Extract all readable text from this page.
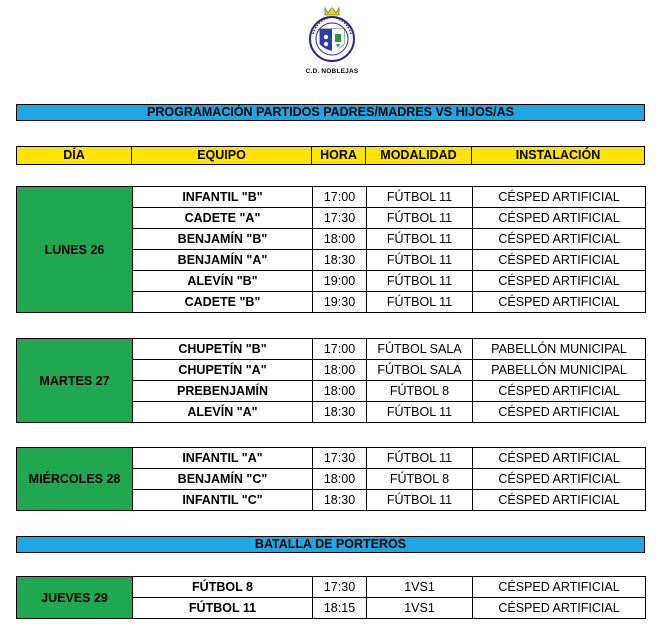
C.D. NOBLEJAS
PROGRAMACIÓN PARTIDOS PADRES/MADRES VS HIJOS/AS
DÍA	EQUIPO	HORA	MODALIDAD	INSTALACIÓN
LUNES 26	INFANTIL "B"	17:00	FÚTBOL 11	CÉSPED ARTIFICIAL
	CADETE "A"	17:30	FÚTBOL 11	CÉSPED ARTIFICIAL
	BENJAMÍN "B"	18:00	FÚTBOL 11	CÉSPED ARTIFICIAL
	BENJAMÍN "A"	18:30	FÚTBOL 11	CÉSPED ARTIFICIAL
	ALEVÍN "B"	19:00	FÚTBOL 11	CÉSPED ARTIFICIAL
	CADETE "B"	19:30	FÚTBOL 11	CÉSPED ARTIFICIAL
MARTES 27	CHUPETÍN "B"	17:00	FÚTBOL SALA	PABELLÓN MUNICIPAL
	CHUPETÍN "A"	18:00	FÚTBOL SALA	PABELLÓN MUNICIPAL
	PREBENJAMÍN	18:00	FÚTBOL 8	CÉSPED ARTIFICIAL
	ALEVÍN "A"	18:30	FÚTBOL 11	CÉSPED ARTIFICIAL
MIÉRCOLES 28	INFANTIL "A"	17:30	FÚTBOL 11	CÉSPED ARTIFICIAL
	BENJAMÍN "C"	18:00	FÚTBOL 8	CÉSPED ARTIFICIAL
	INFANTIL "C"	18:30	FÚTBOL 11	CÉSPED ARTIFICIAL
BATALLA DE PORTEROS
JUEVES 29	FÚTBOL 8	17:30	1VS1	CÉSPED ARTIFICIAL
	FÚTBOL 11	18:15	1VS1	CÉSPED ARTIFICIAL
